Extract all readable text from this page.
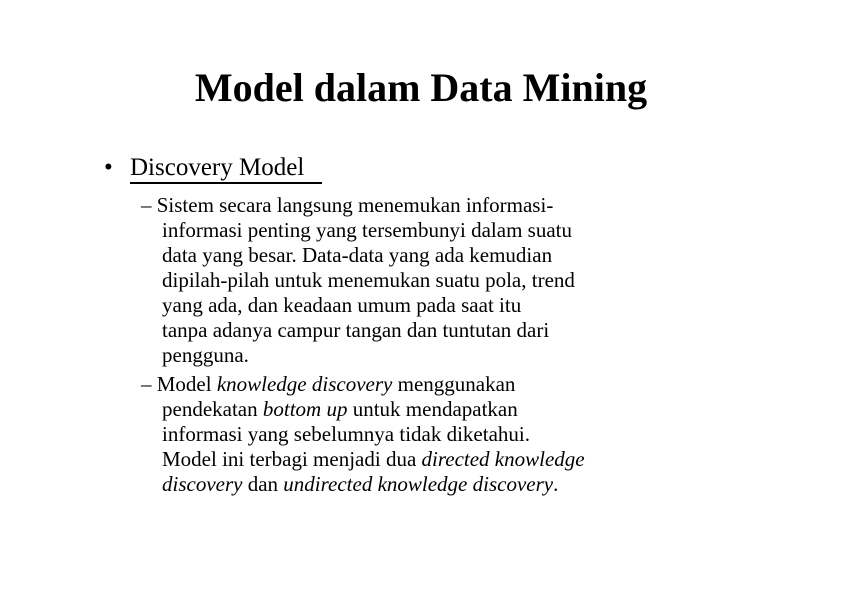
Model dalam Data Mining
• Discovery Model
– Sistem secara langsung menemukan informasi-
informasi penting yang tersembunyi dalam suatu
data yang besar. Data-data yang ada kemudian
dipilah-pilah untuk menemukan suatu pola, trend
yang ada, dan keadaan umum pada saat itu
tanpa adanya campur tangan dan tuntutan dari
pengguna.
– Model knowledge discovery menggunakan
pendekatan bottom up untuk mendapatkan
informasi yang sebelumnya tidak diketahui.
Model ini terbagi menjadi dua directed knowledge
discovery dan undirected knowledge discovery.
